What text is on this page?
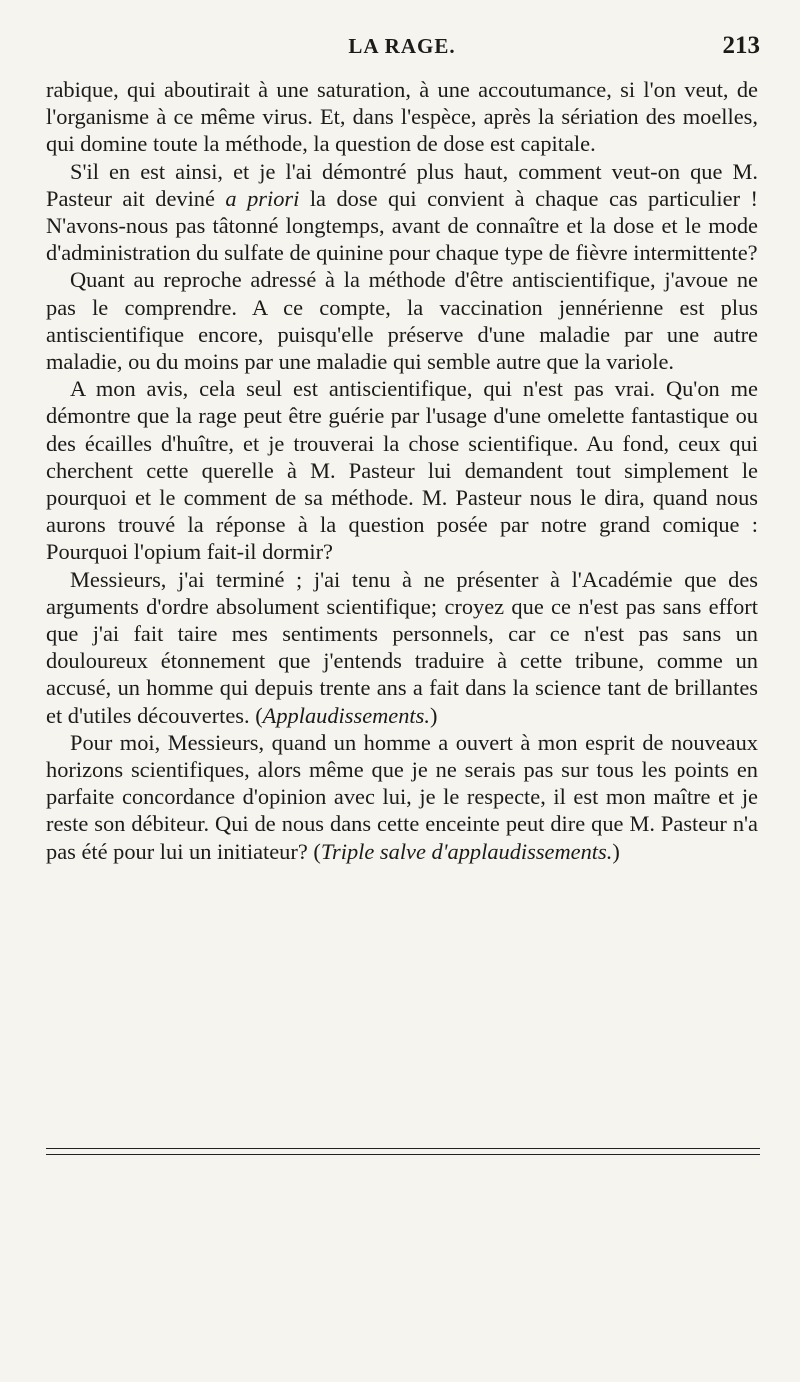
LA RAGE.	213

rabique, qui aboutirait à une saturation, à une accoutumance, si l'on veut, de l'organisme à ce même virus. Et, dans l'espèce, après la sériation des moelles, qui domine toute la méthode, la question de dose est capitale.

S'il en est ainsi, et je l'ai démontré plus haut, comment veut-on que M. Pasteur ait deviné a priori la dose qui convient à chaque cas particulier ! N'avons-nous pas tâtonné longtemps, avant de connaître et la dose et le mode d'administration du sulfate de quinine pour chaque type de fièvre intermittente?

Quant au reproche adressé à la méthode d'être antiscientifique, j'avoue ne pas le comprendre. A ce compte, la vaccination jennérienne est plus antiscientifique encore, puisqu'elle préserve d'une maladie par une autre maladie, ou du moins par une maladie qui semble autre que la variole.

A mon avis, cela seul est antiscientifique, qui n'est pas vrai. Qu'on me démontre que la rage peut être guérie par l'usage d'une omelette fantastique ou des écailles d'huître, et je trouverai la chose scientifique. Au fond, ceux qui cherchent cette querelle à M. Pasteur lui demandent tout simplement le pourquoi et le comment de sa méthode. M. Pasteur nous le dira, quand nous aurons trouvé la réponse à la question posée par notre grand comique : Pourquoi l'opium fait-il dormir?

Messieurs, j'ai terminé ; j'ai tenu à ne présenter à l'Académie que des arguments d'ordre absolument scientifique; croyez que ce n'est pas sans effort que j'ai fait taire mes sentiments personnels, car ce n'est pas sans un douloureux étonnement que j'entends traduire à cette tribune, comme un accusé, un homme qui depuis trente ans a fait dans la science tant de brillantes et d'utiles découvertes. (Applaudissements.)

Pour moi, Messieurs, quand un homme a ouvert à mon esprit de nouveaux horizons scientifiques, alors même que je ne serais pas sur tous les points en parfaite concordance d'opinion avec lui, je le respecte, il est mon maître et je reste son débiteur. Qui de nous dans cette enceinte peut dire que M. Pasteur n'a pas été pour lui un initiateur? (Triple salve d'applaudissements.)
